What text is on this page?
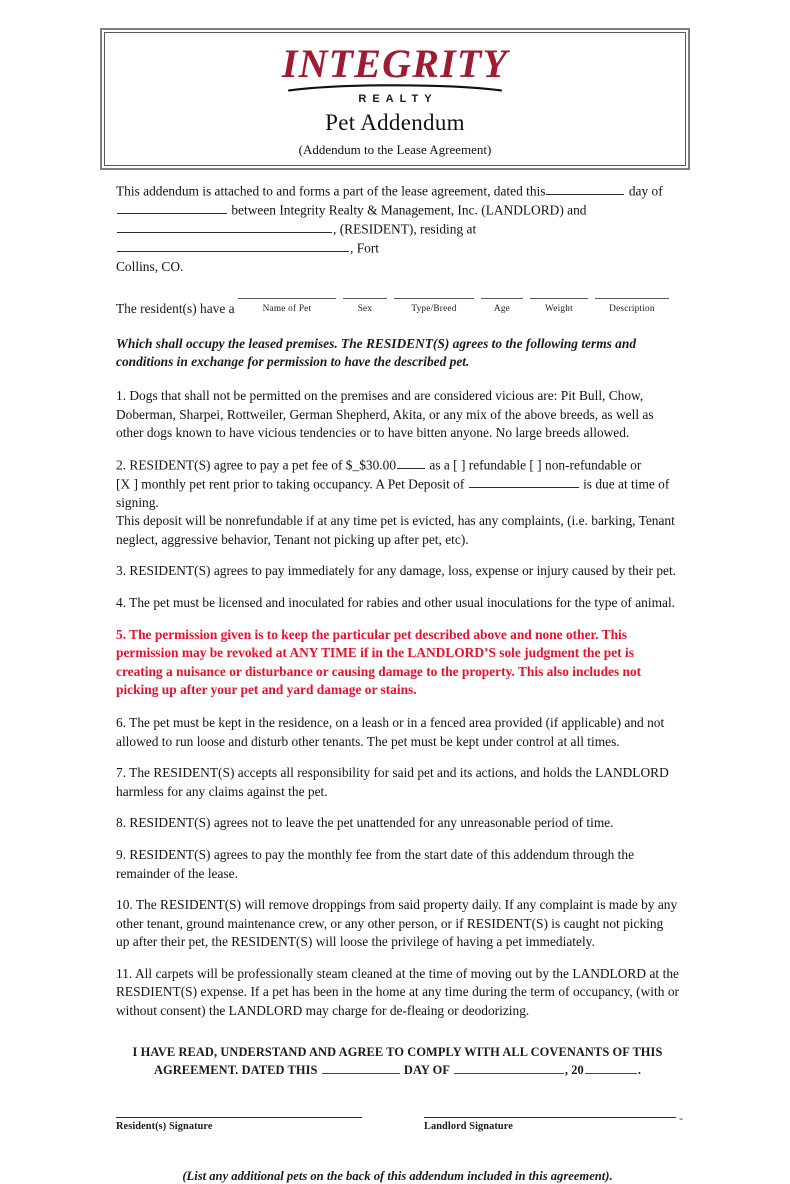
INTEGRITY
REALTY
Pet Addendum
(Addendum to the Lease Agreement)

This addendum is attached to and forms a part of the lease agreement, dated this	day of
between Integrity Realty & Management, Inc. (LANDLORD) and
, (RESIDENT), residing at , Fort
Collins, CO.

The resident(s) have a	Name of Pet	Sex	Type/Breed	Age	Weight	Description

Which shall occupy the leased premises. The RESIDENT(S) agrees to the following terms and conditions in exchange for permission to have the described pet.

1. Dogs that shall not be permitted on the premises and are considered vicious are: Pit Bull, Chow, Doberman, Sharpei, Rottweiler, German Shepherd, Akita, or any mix of the above breeds, as well as other dogs known to have vicious tendencies or to have bitten anyone. No large breeds allowed.

2. RESIDENT(S) agree to pay a pet fee of $_$30.00 as a [ ] refundable [ ] non-refundable or
[X ] monthly pet rent prior to taking occupancy. A Pet Deposit of	is due at time of signing.
This deposit will be nonrefundable if at any time pet is evicted, has any complaints, (i.e. barking, Tenant neglect, aggressive behavior, Tenant not picking up after pet, etc).

3. RESIDENT(S) agrees to pay immediately for any damage, loss, expense or injury caused by their pet.

4. The pet must be licensed and inoculated for rabies and other usual inoculations for the type of animal.

5. The permission given is to keep the particular pet described above and none other. This permission may be revoked at ANY TIME if in the LANDLORD’S sole judgment the pet is creating a nuisance or disturbance or causing damage to the property. This also includes not picking up after your pet and yard damage or stains.

6. The pet must be kept in the residence, on a leash or in a fenced area provided (if applicable) and not allowed to run loose and disturb other tenants. The pet must be kept under control at all times.

7. The RESIDENT(S) accepts all responsibility for said pet and its actions, and holds the LANDLORD harmless for any claims against the pet.

8. RESIDENT(S) agrees not to leave the pet unattended for any unreasonable period of time.

9. RESIDENT(S) agrees to pay the monthly fee from the start date of this addendum through the remainder of the lease.

10. The RESIDENT(S) will remove droppings from said property daily. If any complaint is made by any other tenant, ground maintenance crew, or any other person, or if RESIDENT(S) is caught not picking up after their pet, the RESIDENT(S) will loose the privilege of having a pet immediately.

11. All carpets will be professionally steam cleaned at the time of moving out by the LANDLORD at the RESDIENT(S) expense. If a pet has been in the home at any time during the term of occupancy, (with or without consent) the LANDLORD may charge for de-fleaing or deodorizing.

I HAVE READ, UNDERSTAND AND AGREE TO COMPLY WITH ALL COVENANTS OF THIS
AGREEMENT. DATED THIS	DAY OF	, 20	.
Resident(s) Signature
-
Landlord Signature
(List any additional pets on the back of this addendum included in this agreement).
